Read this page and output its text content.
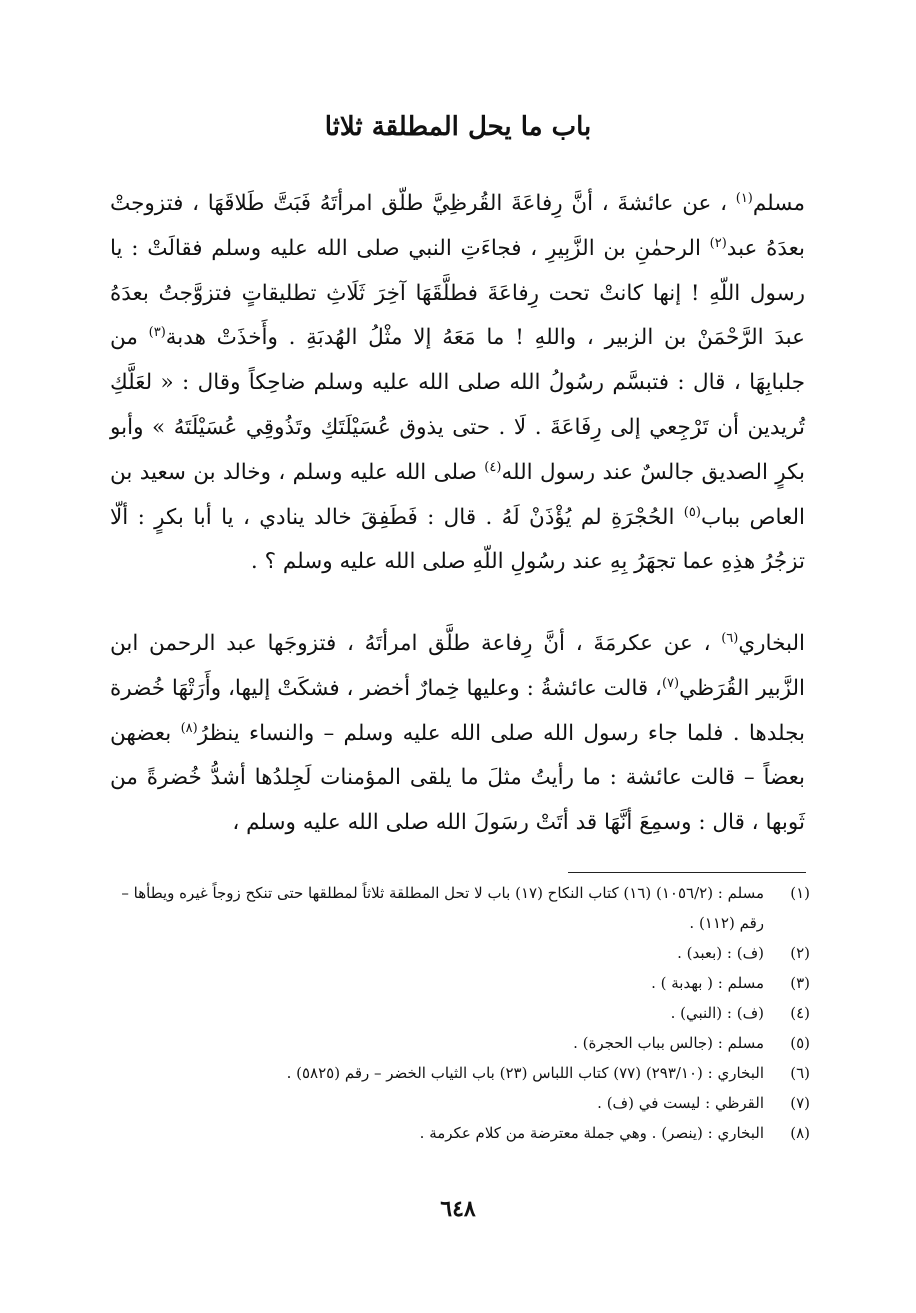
باب ما يحل المطلقة ثلاثا

مسلم$^{(١)}$ ، عن عائشةَ ، أنَّ رِفاعَةَ القُرظِيَّ طلّق امرأتَهُ فَبَتَّ طَلاقَهَا ، فتزوجتْ بعدَهُ عبد$^{(٢)}$ الرحمٰنِ بن الزَّبِيرِ ، فجاءَتِ النبي صلى الله عليه وسلم فقالَتْ : يا رسول اللّهِ ! إنها كانتْ تحت رِفاعَةَ فطلَّقَهَا آخِرَ ثَلَاثِ تطليقاتٍ فتزوَّجتُ بعدَهُ عبدَ الرَّحْمَنْ بن الزبير ، واللهِ ! ما مَعَهُ إلا مثْلُ الهُدبَةِ . وأَخذَتْ هدبة$^{(٣)}$ من جلبابِهَا ، قال : فتبسَّم رسُولُ الله صلى الله عليه وسلم ضاحِكاً وقال : « لعَلَّكِ تُريدين أن تَرْجِعي إلى رِفَاعَةَ . لَا . حتى يذوق عُسَيْلَتَكِ وتَذُوقِي عُسَيْلَتَهُ » وأبو بكرٍ الصديق جالسٌ عند رسول الله$^{(٤)}$ صلى الله عليه وسلم ، وخالد بن سعيد بن العاص بباب$^{(٥)}$ الحُجْرَةِ لم يُؤْذَنْ لَهُ . قال : فَطَفِقَ خالد ينادي ، يا أبا بكرٍ : ألّا تزجُرُ هذِهِ عما تجهَرُ بِهِ عند رسُولِ اللّهِ صلى الله عليه وسلم ؟ .

البخاري$^{(٦)}$ ، عن عكرمَةَ ، أنَّ رِفاعة طلَّق امرأتَهُ ، فتزوجَها عبد الرحمن ابن الزَّبير القُرَظي$^{(٧)}$، قالت عائشةُ : وعليها خِمارٌ أخضر ، فشكَتْ إليها، وأَرَتْهَا خُضرة بجلدها . فلما جاء رسول الله صلى الله عليه وسلم – والنساء ينظرُ$^{(٨)}$ بعضهن بعضاً – قالت عائشة : ما رأيتُ مثلَ ما يلقى المؤمنات لَجِلدُها أشدُّ خُضرةً من ثَوبها ، قال : وسمِعَ أنَّهَا قد أتَتْ رسَولَ الله صلى الله عليه وسلم ،

(١)
مسلم : (١٠٥٦/٢) (١٦) كتاب النكاح (١٧) باب لا تحل المطلقة ثلاثاً لمطلقها حتى تنكح زوجاً غيره ويطأها – رقم (١١٢) .
(٢)
(ف) : (بعبد) .
(٣)
مسلم : ( بهدبة ) .
(٤)
(ف) : (النبي) .
(٥)
مسلم : (جالس بباب الحجرة) .
(٦)
البخاري : (٢٩٣/١٠) (٧٧) كتاب اللباس (٢٣) باب الثياب الخضر – رقم (٥٨٢٥) .
(٧)
القرظي : ليست في (ف) .
(٨)
البخاري : (ينصر) . وهي جملة معترضة من كلام عكرمة .
٦٤٨
